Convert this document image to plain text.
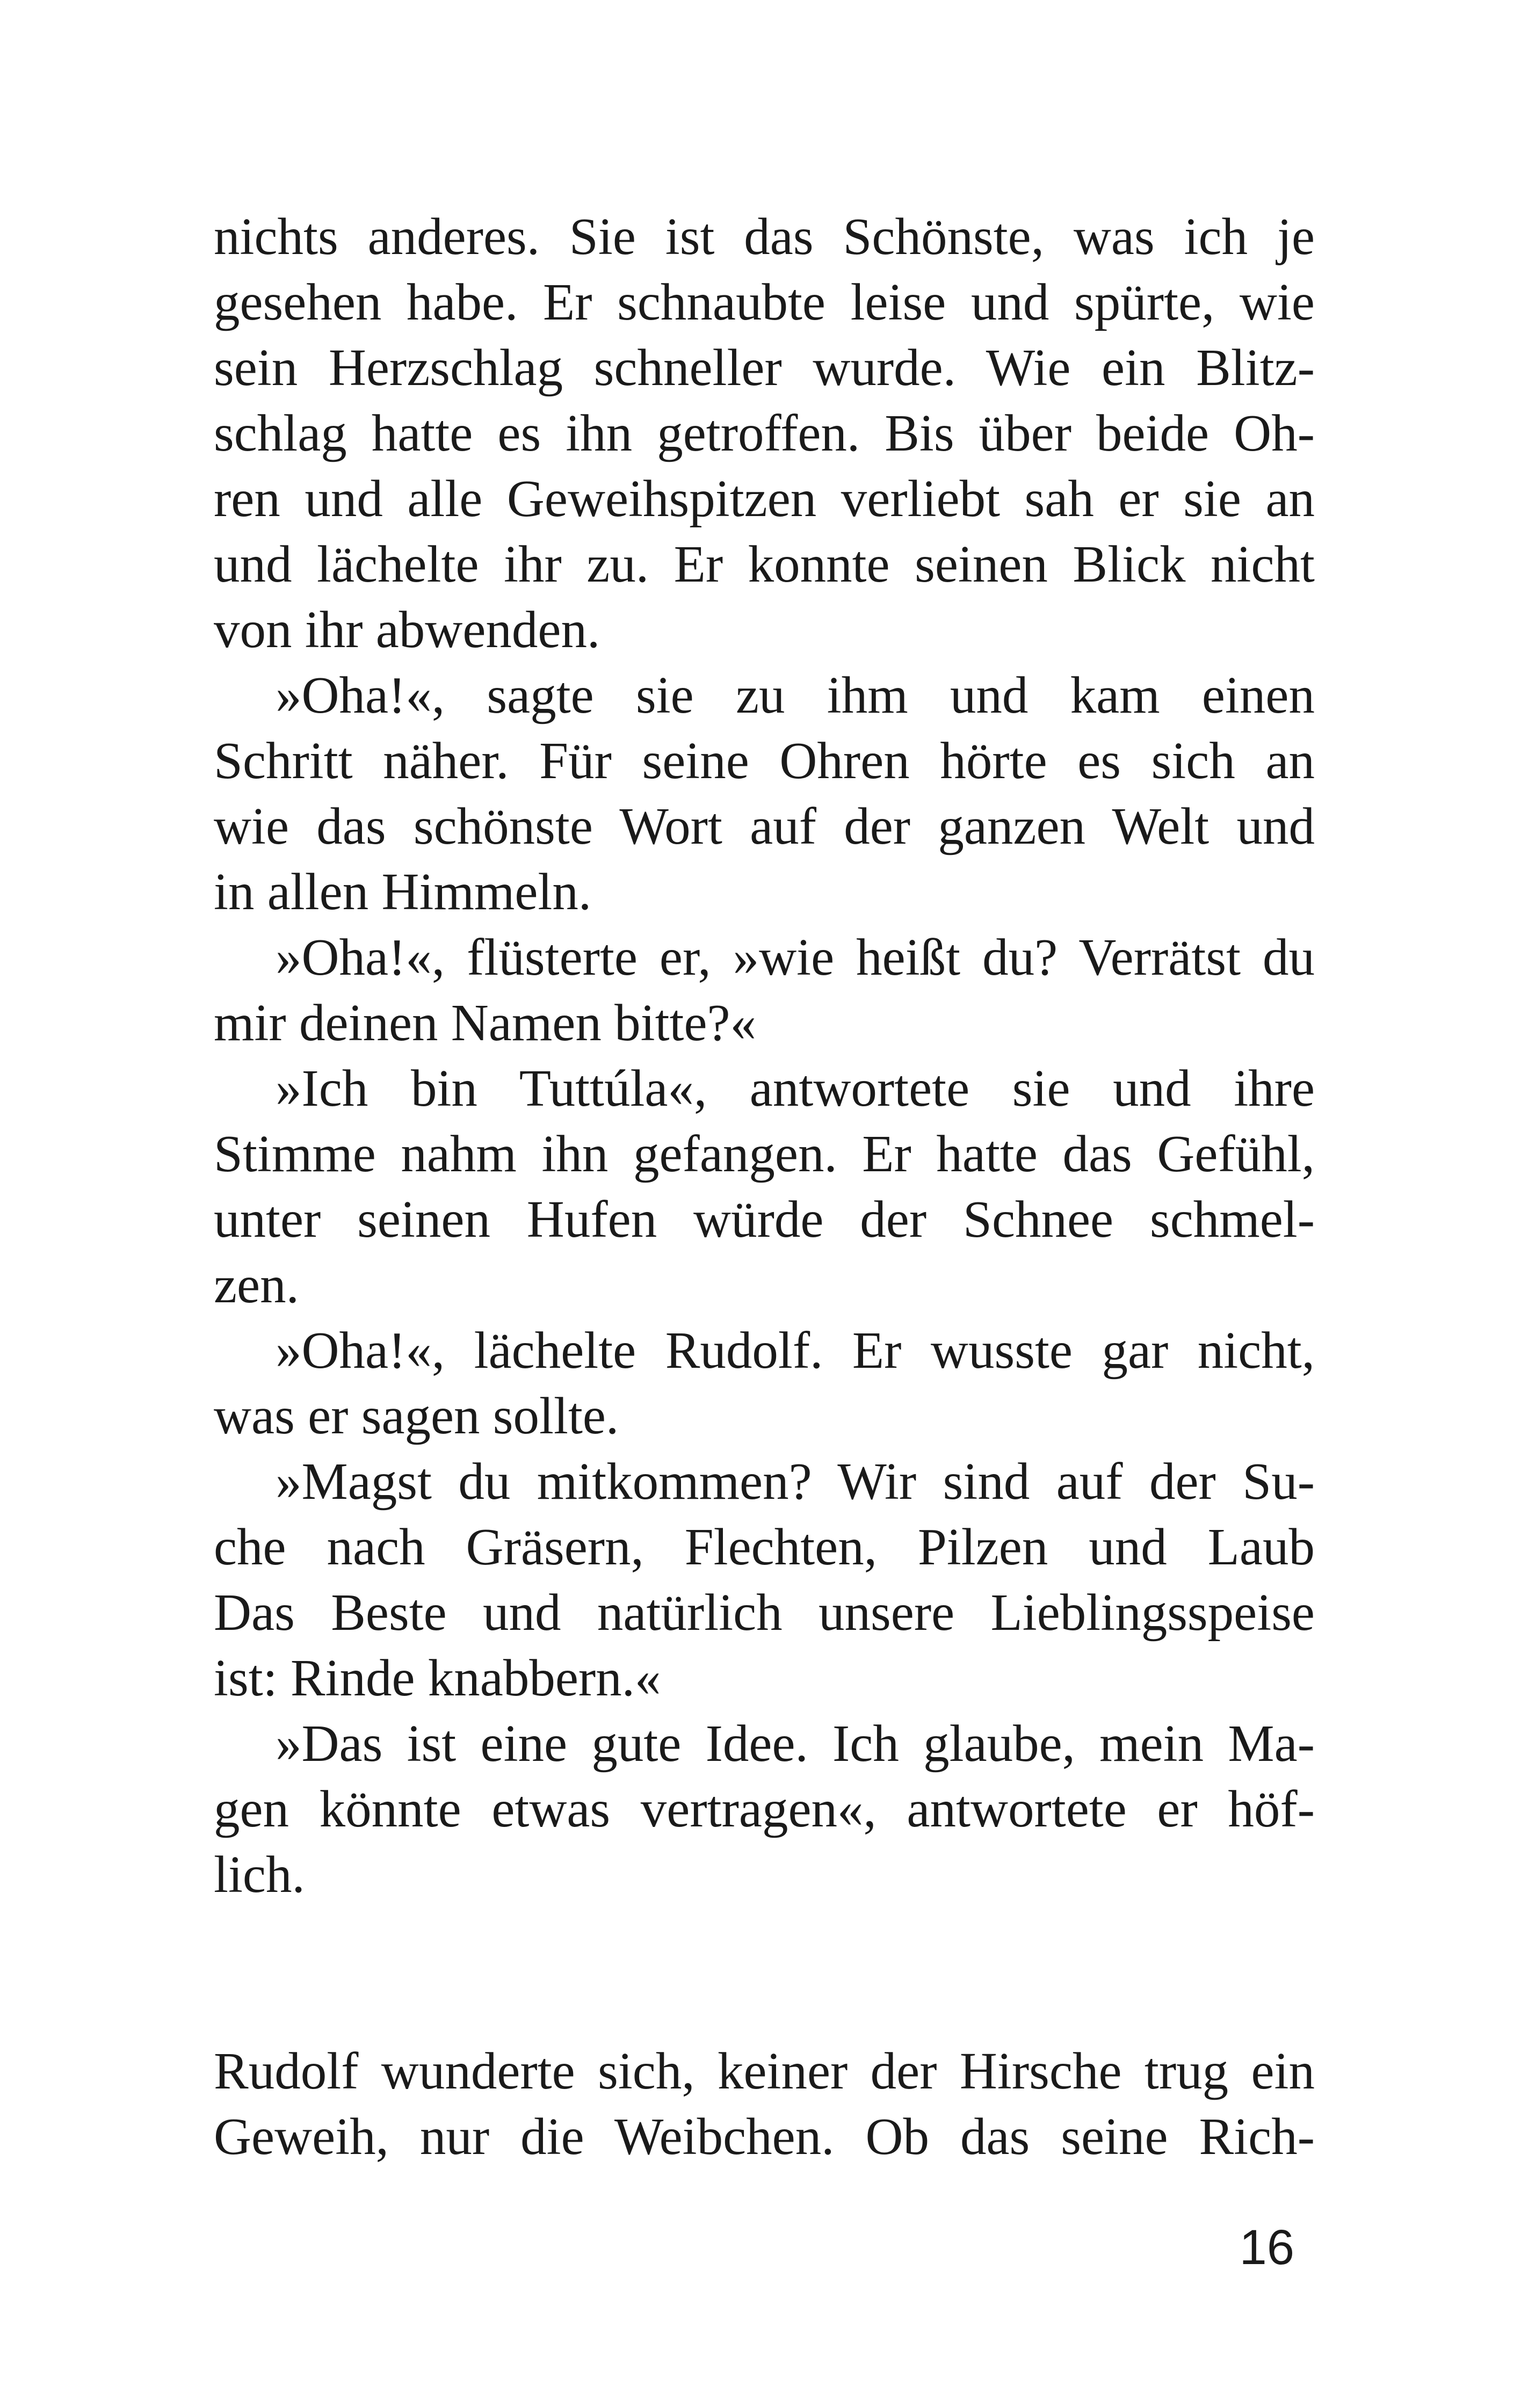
nichts anderes. Sie ist das Schönste, was ich je
gesehen habe. Er schnaubte leise und spürte, wie
sein Herzschlag schneller wurde. Wie ein Blitz-
schlag hatte es ihn getroffen. Bis über beide Oh-
ren und alle Geweihspitzen verliebt sah er sie an
und lächelte ihr zu. Er konnte seinen Blick nicht
von ihr abwenden.
»Oha!«, sagte sie zu ihm und kam einen
Schritt näher. Für seine Ohren hörte es sich an
wie das schönste Wort auf der ganzen Welt und
in allen Himmeln.
»Oha!«, flüsterte er, »wie heißt du? Verrätst du
mir deinen Namen bitte?«
»Ich bin Tuttúla«, antwortete sie und ihre
Stimme nahm ihn gefangen. Er hatte das Gefühl,
unter seinen Hufen würde der Schnee schmel-
zen.
»Oha!«, lächelte Rudolf. Er wusste gar nicht,
was er sagen sollte.
»Magst du mitkommen? Wir sind auf der Su-
che nach Gräsern, Flechten, Pilzen und Laub
Das Beste und natürlich unsere Lieblingsspeise
ist: Rinde knabbern.«
»Das ist eine gute Idee. Ich glaube, mein Ma-
gen könnte etwas vertragen«, antwortete er höf-
lich.
Rudolf wunderte sich, keiner der Hirsche trug ein
Geweih, nur die Weibchen. Ob das seine Rich-
16
